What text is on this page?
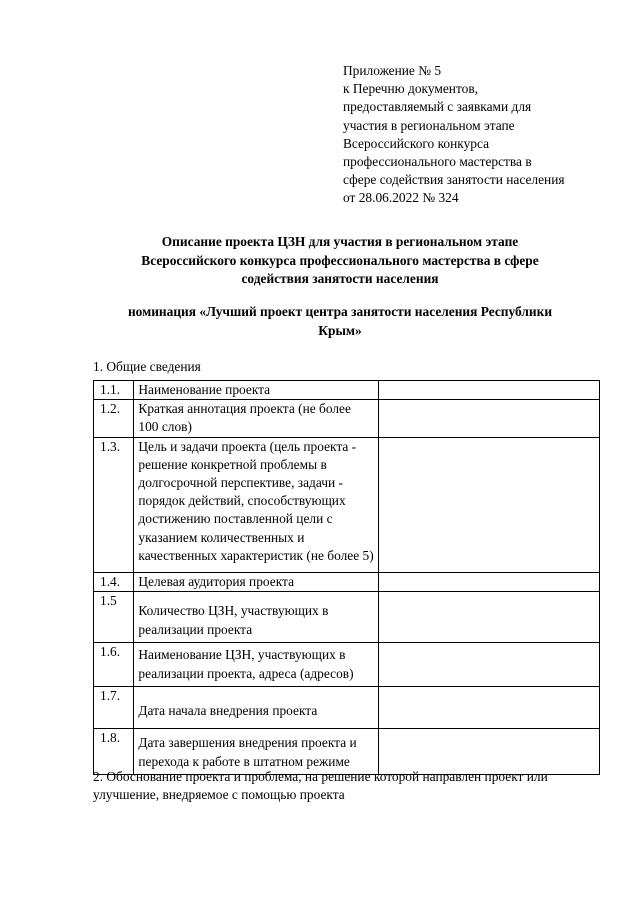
Приложение № 5
к Перечню документов,
предоставляемый с заявками для
участия в региональном этапе
Всероссийского конкурса
профессионального мастерства в
сфере содействия занятости населения
от 28.06.2022 № 324
Описание проекта ЦЗН для участия в региональном этапе
Всероссийского конкурса профессионального мастерства в сфере
содействия занятости населения
номинация «Лучший проект центра занятости населения Республики
Крым»
1. Общие сведения
1.1.	Наименование проекта	
1.2.	Краткая аннотация проекта (не более 100 слов)	
1.3.	Цель и задачи проекта (цель проекта - решение конкретной проблемы в долгосрочной перспективе, задачи - порядок действий, способствующих достижению поставленной цели с указанием количественных и качественных характеристик (не более 5)	
1.4.	Целевая аудитория проекта	
1.5	Количество ЦЗН, участвующих в реализации проекта	
1.6.	Наименование ЦЗН, участвующих в реализации проекта, адреса (адресов)	
1.7.	Дата начала внедрения проекта	
1.8.	Дата завершения внедрения проекта и перехода к работе в штатном режиме	
2. Обоснование проекта и проблема, на решение которой направлен проект или улучшение, внедряемое с помощью проекта
